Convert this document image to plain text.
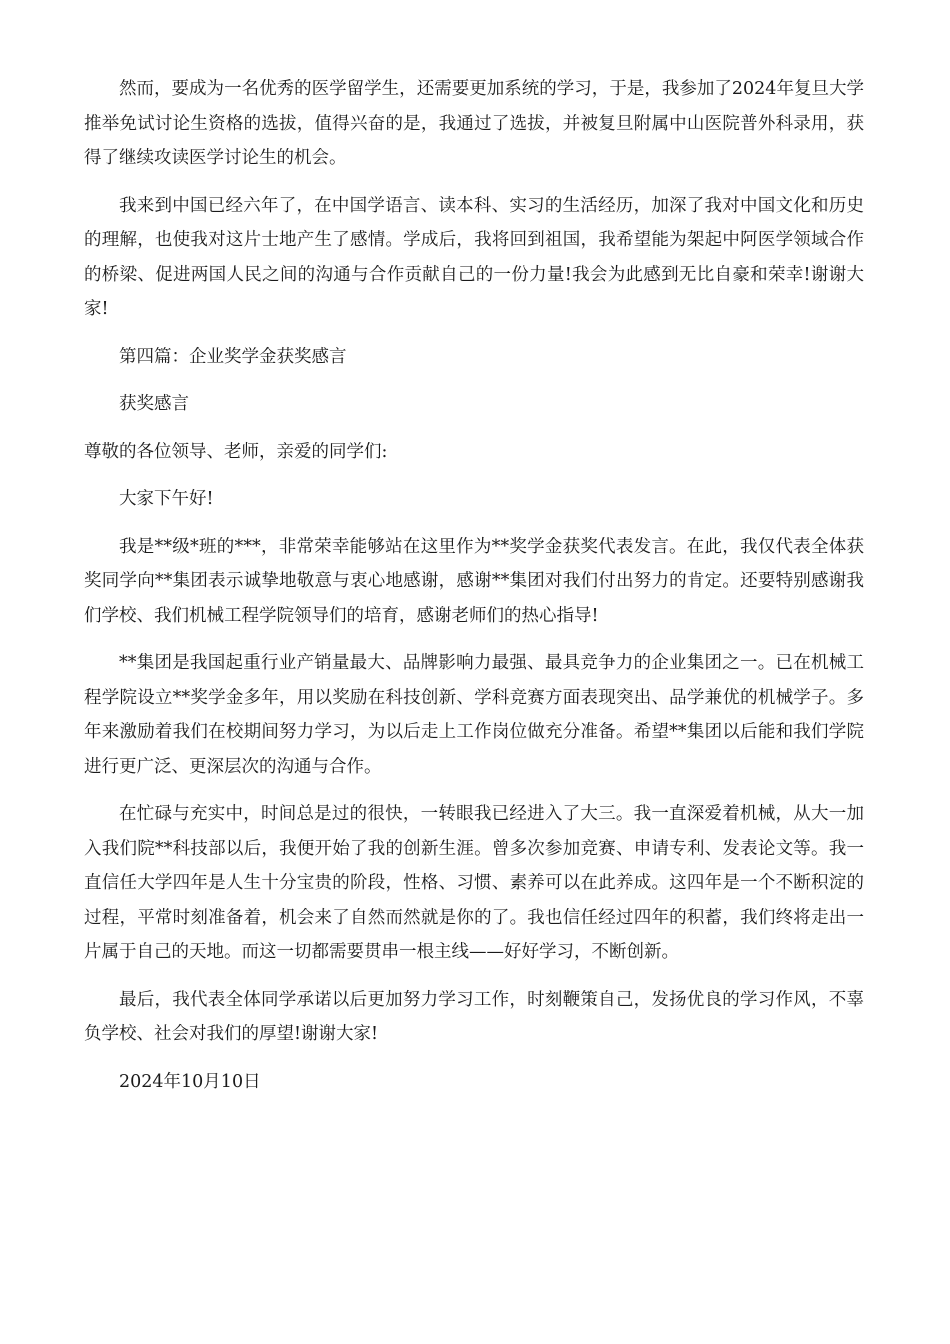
然而，要成为一名优秀的医学留学生，还需要更加系统的学习，于是，我参加了2024年复旦大学推举免试讨论生资格的选拔，值得兴奋的是，我通过了选拔，并被复旦附属中山医院普外科录用，获得了继续攻读医学讨论生的机会。

我来到中国已经六年了，在中国学语言、读本科、实习的生活经历，加深了我对中国文化和历史的理解，也使我对这片士地产生了感情。学成后，我将回到祖国，我希望能为架起中阿医学领域合作的桥梁、促进两国人民之间的沟通与合作贡献自己的一份力量!我会为此感到无比自豪和荣幸!谢谢大家!

第四篇：企业奖学金获奖感言

获奖感言

尊敬的各位领导、老师，亲爱的同学们:

大家下午好!

我是**级*班的***，非常荣幸能够站在这里作为**奖学金获奖代表发言。在此，我仅代表全体获奖同学向**集团表示诚挚地敬意与衷心地感谢，感谢**集团对我们付出努力的肯定。还要特别感谢我们学校、我们机械工程学院领导们的培育，感谢老师们的热心指导!

**集团是我国起重行业产销量最大、品牌影响力最强、最具竞争力的企业集团之一。已在机械工程学院设立**奖学金多年，用以奖励在科技创新、学科竞赛方面表现突出、品学兼优的机械学子。多年来激励着我们在校期间努力学习，为以后走上工作岗位做充分准备。希望**集团以后能和我们学院进行更广泛、更深层次的沟通与合作。

在忙碌与充实中，时间总是过的很快，一转眼我已经进入了大三。我一直深爱着机械，从大一加入我们院**科技部以后，我便开始了我的创新生涯。曾多次参加竞赛、申请专利、发表论文等。我一直信任大学四年是人生十分宝贵的阶段，性格、习惯、素养可以在此养成。这四年是一个不断积淀的过程，平常时刻准备着，机会来了自然而然就是你的了。我也信任经过四年的积蓄，我们终将走出一片属于自己的天地。而这一切都需要贯串一根主线——好好学习，不断创新。

最后，我代表全体同学承诺以后更加努力学习工作，时刻鞭策自己，发扬优良的学习作风，不辜负学校、社会对我们的厚望!谢谢大家!

2024年10月10日
